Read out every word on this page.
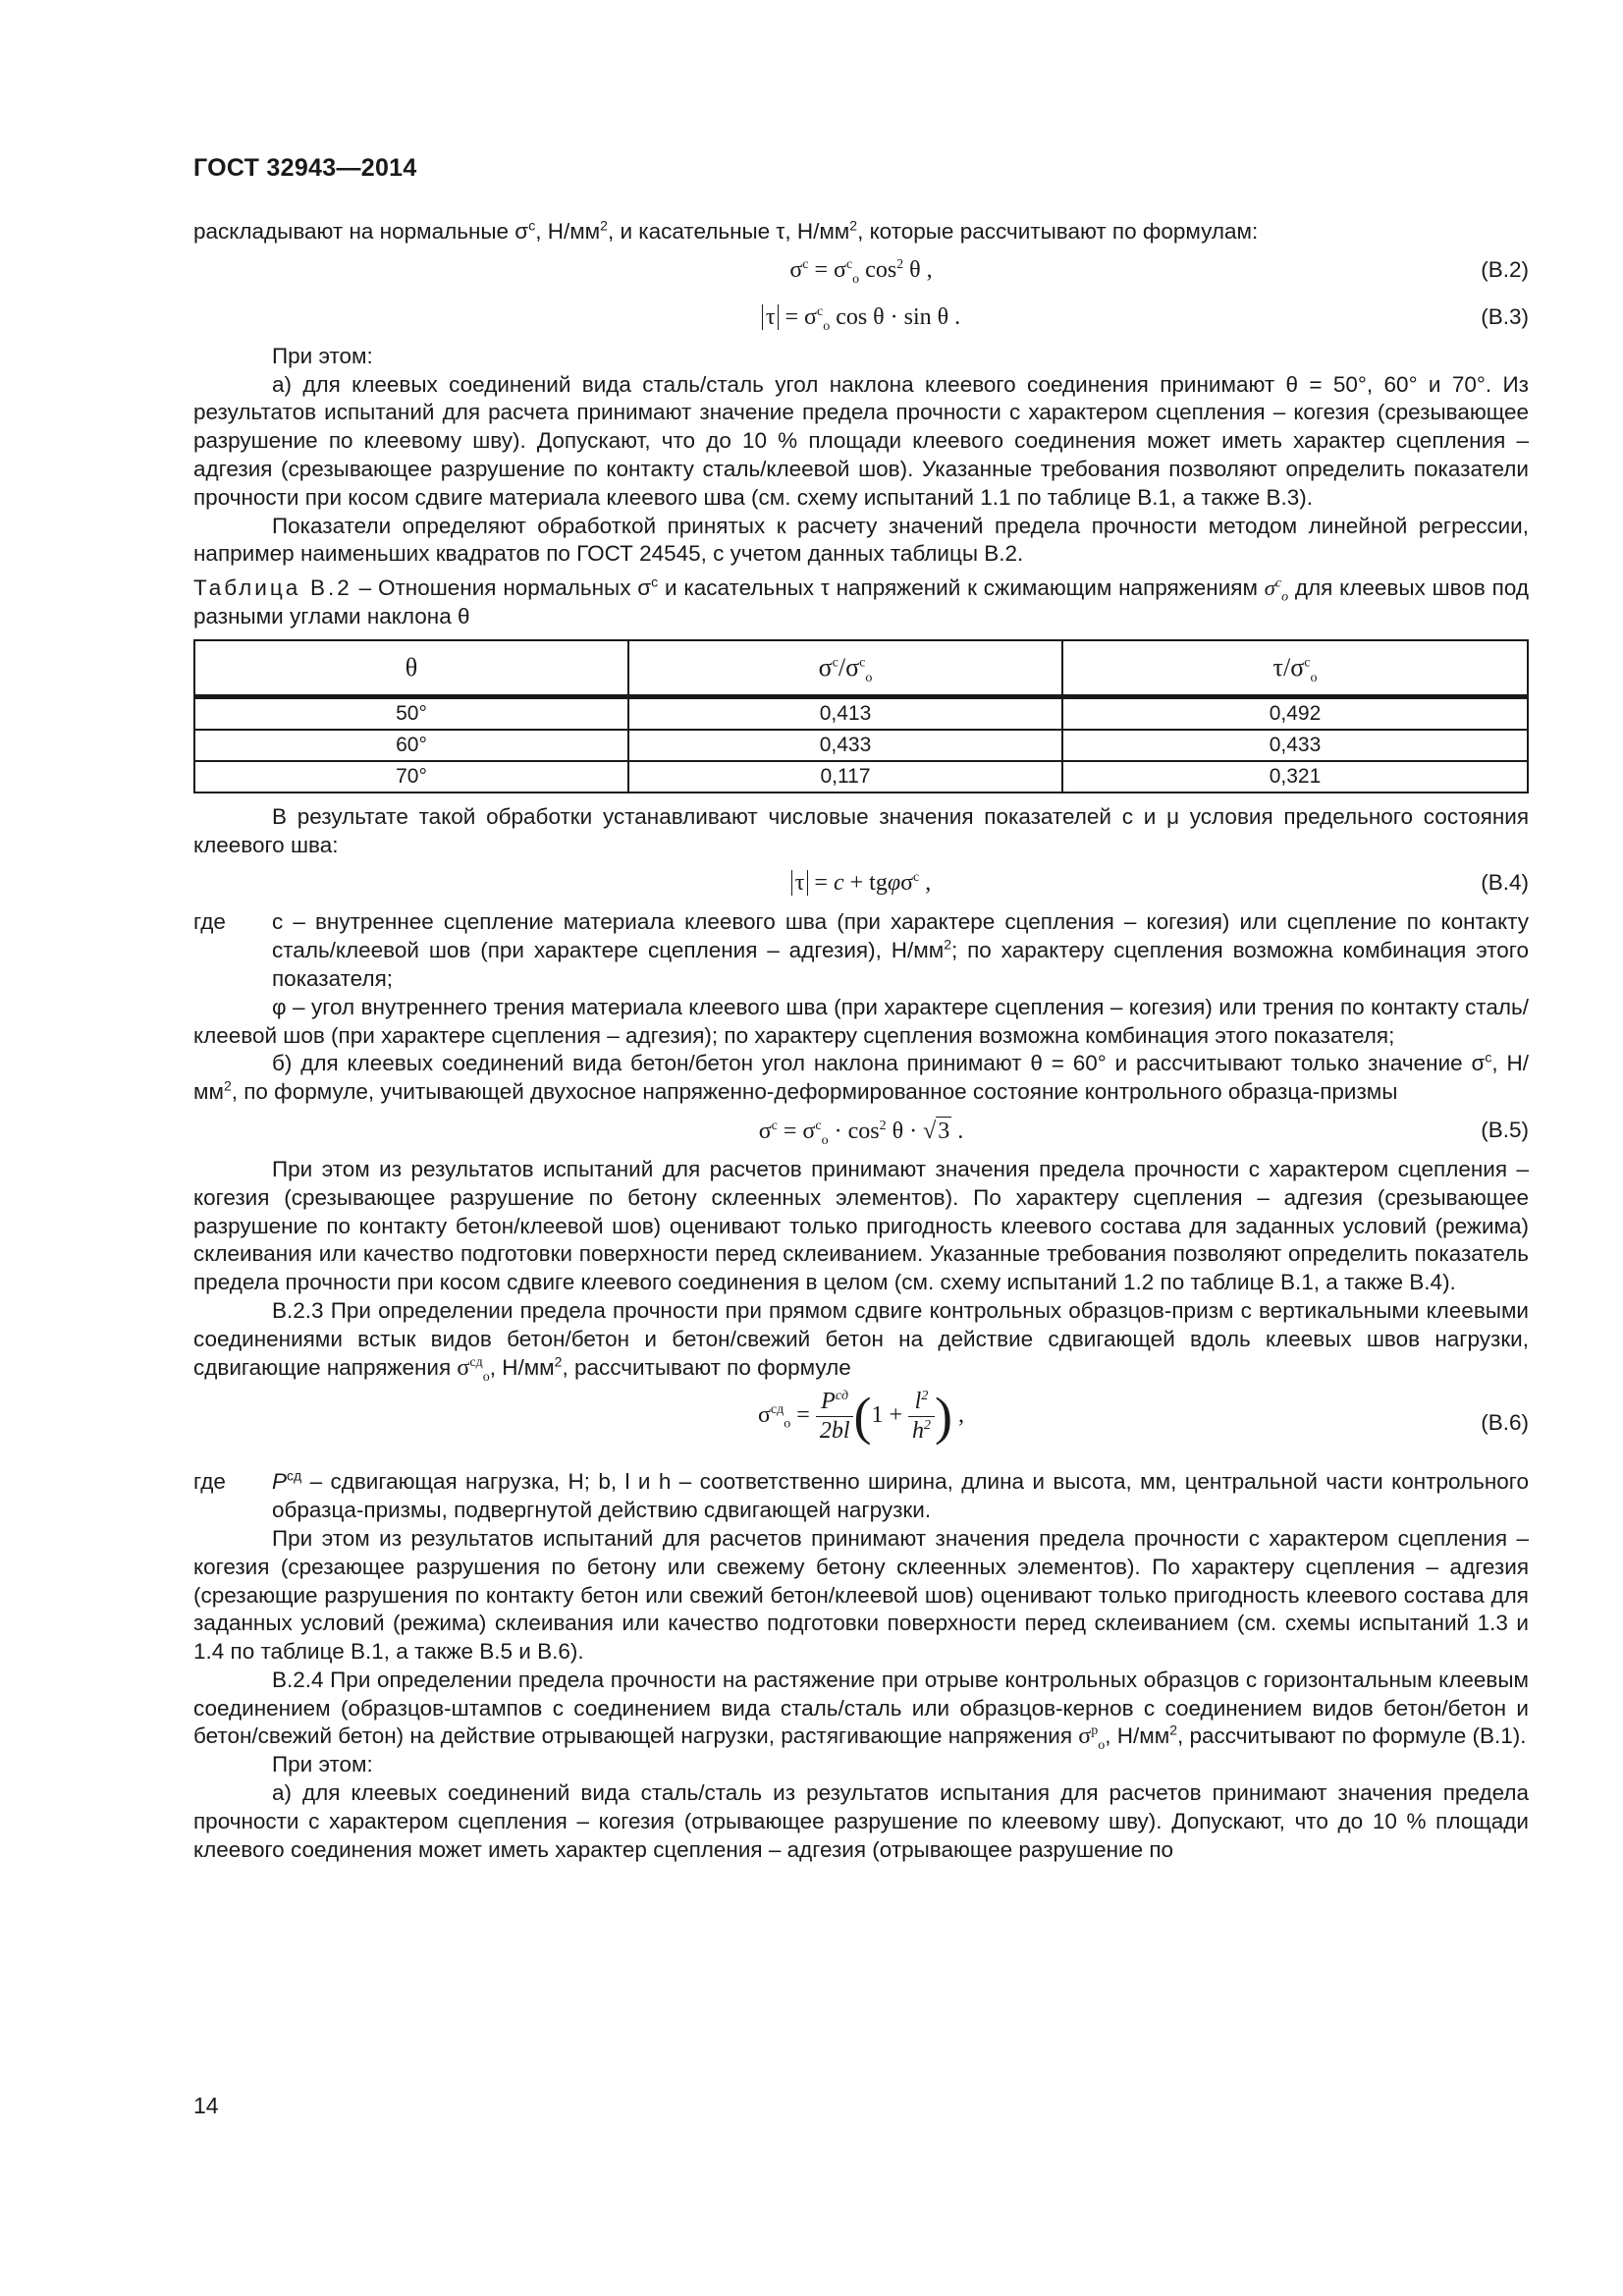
ГОСТ 32943—2014

раскладывают на нормальные $\sigma^c$, $Н/мм^2$, и касательные τ, $Н/мм^2$, которые рассчитывают по формулам:

$\sigma^c = \sigma^c_o$ $\cos^2 \theta$ ,	(В.2)
$\tau = \sigma^c_o$ cos θ · sin θ .	(В.3)

При этом:

а) для клеевых соединений вида сталь/сталь угол наклона клеевого соединения принимают θ = 50°, 60° и 70°. Из результатов испытаний для расчета принимают значение предела прочности с характером сцепления – когезия (срезывающее разрушение по клеевому шву). Допускают, что до 10 % площади клеевого соединения может иметь характер сцепления – адгезия (срезывающее разрушение по контакту сталь/клеевой шов). Указанные требования позволяют определить показатели прочности при косом сдвиге материала клеевого шва (см. схему испытаний 1.1 по таблице В.1, а также В.3).

Показатели определяют обработкой принятых к расчету значений предела прочности методом линейной регрессии, например наименьших квадратов по ГОСТ 24545, с учетом данных таблицы В.2.

Таблица В.2 – Отношения нормальных $\sigma^c$ и касательных τ напряжений к сжимающим напряжениям $\sigma^c_o$ для клеевых швов под разными углами наклона θ

θ	$\sigma^c/\sigma^c_o$	$\tau/\sigma^c_o$
50°	0,413	0,492
60°	0,433	0,433
70°	0,117	0,321

В результате такой обработки устанавливают числовые значения показателей c и μ условия предельного состояния клеевого шва:

τ = c + tgφσ$^c$ ,	(В.4)

где c – внутреннее сцепление материала клеевого шва (при характере сцепления – когезия) или сцепление по контакту сталь/клеевой шов (при характере сцепления – адгезия), $Н/мм^2$; по характеру сцепления возможна комбинация этого показателя;

φ – угол внутреннего трения материала клеевого шва (при характере сцепления – когезия) или трения по контакту сталь/клеевой шов (при характере сцепления – адгезия); по характеру сцепления возможна комбинация этого показателя;

б) для клеевых соединений вида бетон/бетон угол наклона принимают θ = 60° и рассчитывают только значение $\sigma^c$, $Н/мм^2$, по формуле, учитывающей двухосное напряженно-деформированное состояние контрольного образца-призмы

$\sigma^c = \sigma^c_o \cdot \cos^2 \theta \cdot √3$ .	(В.5)

При этом из результатов испытаний для расчетов принимают значения предела прочности с характером сцепления – когезия (срезывающее разрушение по бетону склеенных элементов). По характеру сцепления – адгезия (срезывающее разрушение по контакту бетон/клеевой шов) оценивают только пригодность клеевого состава для заданных условий (режима) склеивания или качество подготовки поверхности перед склеиванием. Указанные требования позволяют определить показатель предела прочности при косом сдвиге клеевого соединения в целом (см. схему испытаний 1.2 по таблице В.1, а также В.4).

В.2.3 При определении предела прочности при прямом сдвиге контрольных образцов-призм с вертикальными клеевыми соединениями встык видов бетон/бетон и бетон/свежий бетон на действие сдвигающей вдоль клеевых швов нагрузки, сдвигающие напряжения $\sigma^{сд}_о$, $Н/мм^2$, рассчитывают по формуле

$\sigma^{сд}_о = \frac{P^{сд}}{2bl} (1 + \frac{l^2}{h^2}$ ) ,	(В.6)

где $P^{сд}$ – сдвигающая нагрузка, Н; b, l и h – соответственно ширина, длина и высота, мм, центральной части контрольного образца-призмы, подвергнутой действию сдвигающей нагрузки.

При этом из результатов испытаний для расчетов принимают значения предела прочности с характером сцепления – когезия (срезающее разрушения по бетону или свежему бетону склеенных элементов). По характеру сцепления – адгезия (срезающие разрушения по контакту бетон или свежий бетон/клеевой шов) оценивают только пригодность клеевого состава для заданных условий (режима) склеивания или качество подготовки поверхности перед склеиванием (см. схемы испытаний 1.3 и 1.4 по таблице В.1, а также В.5 и В.6).

В.2.4 При определении предела прочности на растяжение при отрыве контрольных образцов с горизонтальным клеевым соединением (образцов-штампов с соединением вида сталь/сталь или образцов-кернов с соединением видов бетон/бетон и бетон/свежий бетон) на действие отрывающей нагрузки, растягивающие напряжения $\sigma^р_о$, $Н/мм^2$, рассчитывают по формуле (В.1).

При этом:

а) для клеевых соединений вида сталь/сталь из результатов испытания для расчетов принимают значения предела прочности с характером сцепления – когезия (отрывающее разрушение по клеевому шву). Допускают, что до 10 % площади клеевого соединения может иметь характер сцепления – адгезия (отрывающее разрушение по

14
